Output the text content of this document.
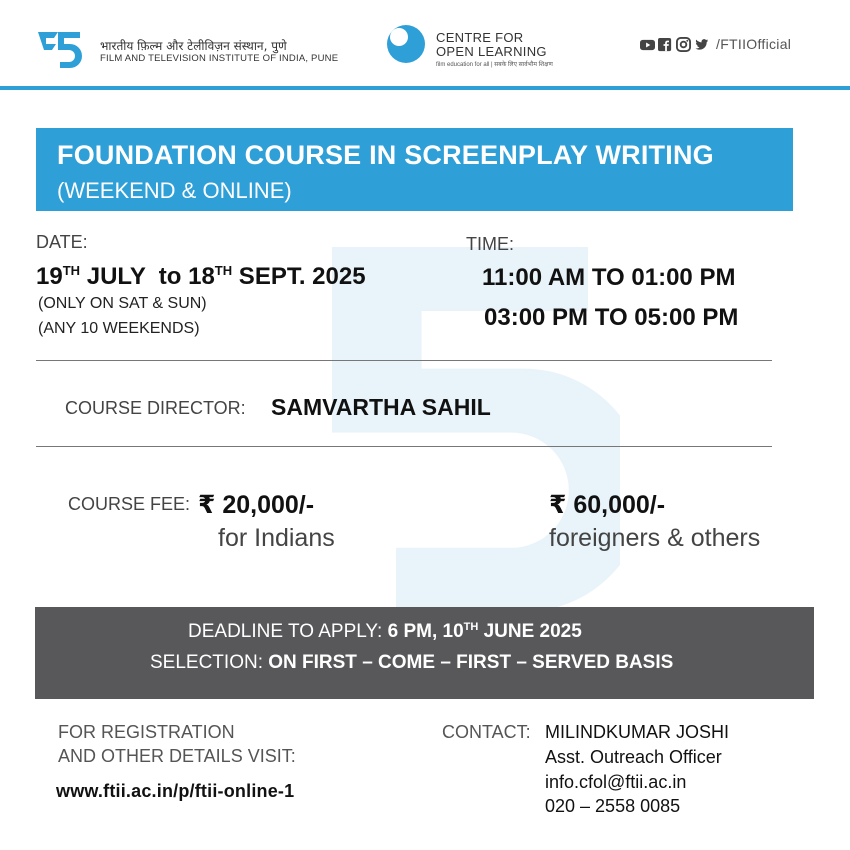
भारतीय फ़िल्म और टेलीविज़न संस्थान, पुणे
FILM AND TELEVISION INSTITUTE OF INDIA, PUNE
CENTRE FOR
OPEN LEARNING
film education for all | सबके लिए सार्वभौम शिक्षण
/FTIIOfficial
FOUNDATION COURSE IN SCREENPLAY WRITING
(WEEKEND & ONLINE)
DATE:
19TH JULY  to 18TH SEPT. 2025
(ONLY ON SAT & SUN)
(ANY 10 WEEKENDS)
TIME:
11:00 AM TO 01:00 PM
03:00 PM TO 05:00 PM
COURSE DIRECTOR: SAMVARTHA SAHIL
COURSE FEE: ₹ 20,000/-
for Indians
₹ 60,000/-
foreigners & others
DEADLINE TO APPLY: 6 PM, 10TH JUNE 2025
SELECTION: ON FIRST – COME – FIRST – SERVED BASIS
FOR REGISTRATION
AND OTHER DETAILS VISIT:
www.ftii.ac.in/p/ftii-online-1
CONTACT: MILINDKUMAR JOSHI
Asst. Outreach Officer
info.cfol@ftii.ac.in
020 – 2558 0085
